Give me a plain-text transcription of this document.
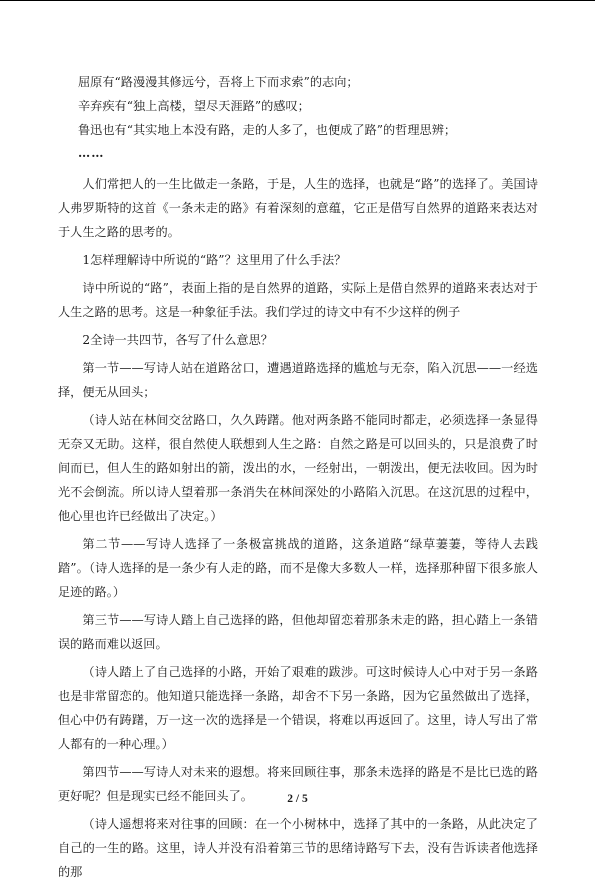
屈原有“路漫漫其修远兮，吾将上下而求索”的志向；
辛弃疾有“独上高楼，望尽天涯路”的感叹；
鲁迅也有“其实地上本没有路，走的人多了，也便成了路”的哲理思辨；
……

人们常把人的一生比做走一条路，于是，人生的选择，也就是“路”的选择了。美国诗人弗罗斯特的这首《一条未走的路》有着深刻的意蕴，它正是借写自然界的道路来表达对于人生之路的思考的。

1怎样理解诗中所说的“路”？这里用了什么手法？

诗中所说的“路”，表面上指的是自然界的道路，实际上是借自然界的道路来表达对于人生之路的思考。这是一种象征手法。我们学过的诗文中有不少这样的例子

2全诗一共四节，各写了什么意思？

第一节——写诗人站在道路岔口，遭遇道路选择的尴尬与无奈，陷入沉思——一经选择，便无从回头；

（诗人站在林间交岔路口，久久踌躇。他对两条路不能同时都走，必须选择一条显得无奈又无助。这样，很自然使人联想到人生之路：自然之路是可以回头的，只是浪费了时间而已，但人生的路如射出的箭，泼出的水，一经射出，一朝泼出，便无法收回。因为时光不会倒流。所以诗人望着那一条消失在林间深处的小路陷入沉思。在这沉思的过程中，他心里也许已经做出了决定。）

第二节——写诗人选择了一条极富挑战的道路，这条道路“绿草萋萋，等待人去践踏”。（诗人选择的是一条少有人走的路，而不是像大多数人一样，选择那种留下很多旅人足迹的路。）

第三节——写诗人踏上自己选择的路，但他却留恋着那条未走的路，担心踏上一条错误的路而难以返回。

（诗人踏上了自己选择的小路，开始了艰难的跋涉。可这时候诗人心中对于另一条路也是非常留恋的。他知道只能选择一条路，却舍不下另一条路，因为它虽然做出了选择，但心中仍有踌躇，万一这一次的选择是一个错误，将难以再返回了。这里，诗人写出了常人都有的一种心理。）

第四节——写诗人对未来的遐想。将来回顾往事，那条未选择的路是不是比已选的路更好呢？但是现实已经不能回头了。

（诗人遥想将来对往事的回顾：在一个小树林中，选择了其中的一条路，从此决定了自己的一生的路。这里，诗人并没有沿着第三节的思绪诗路写下去，没有告诉读者他选择的那

2 / 5
